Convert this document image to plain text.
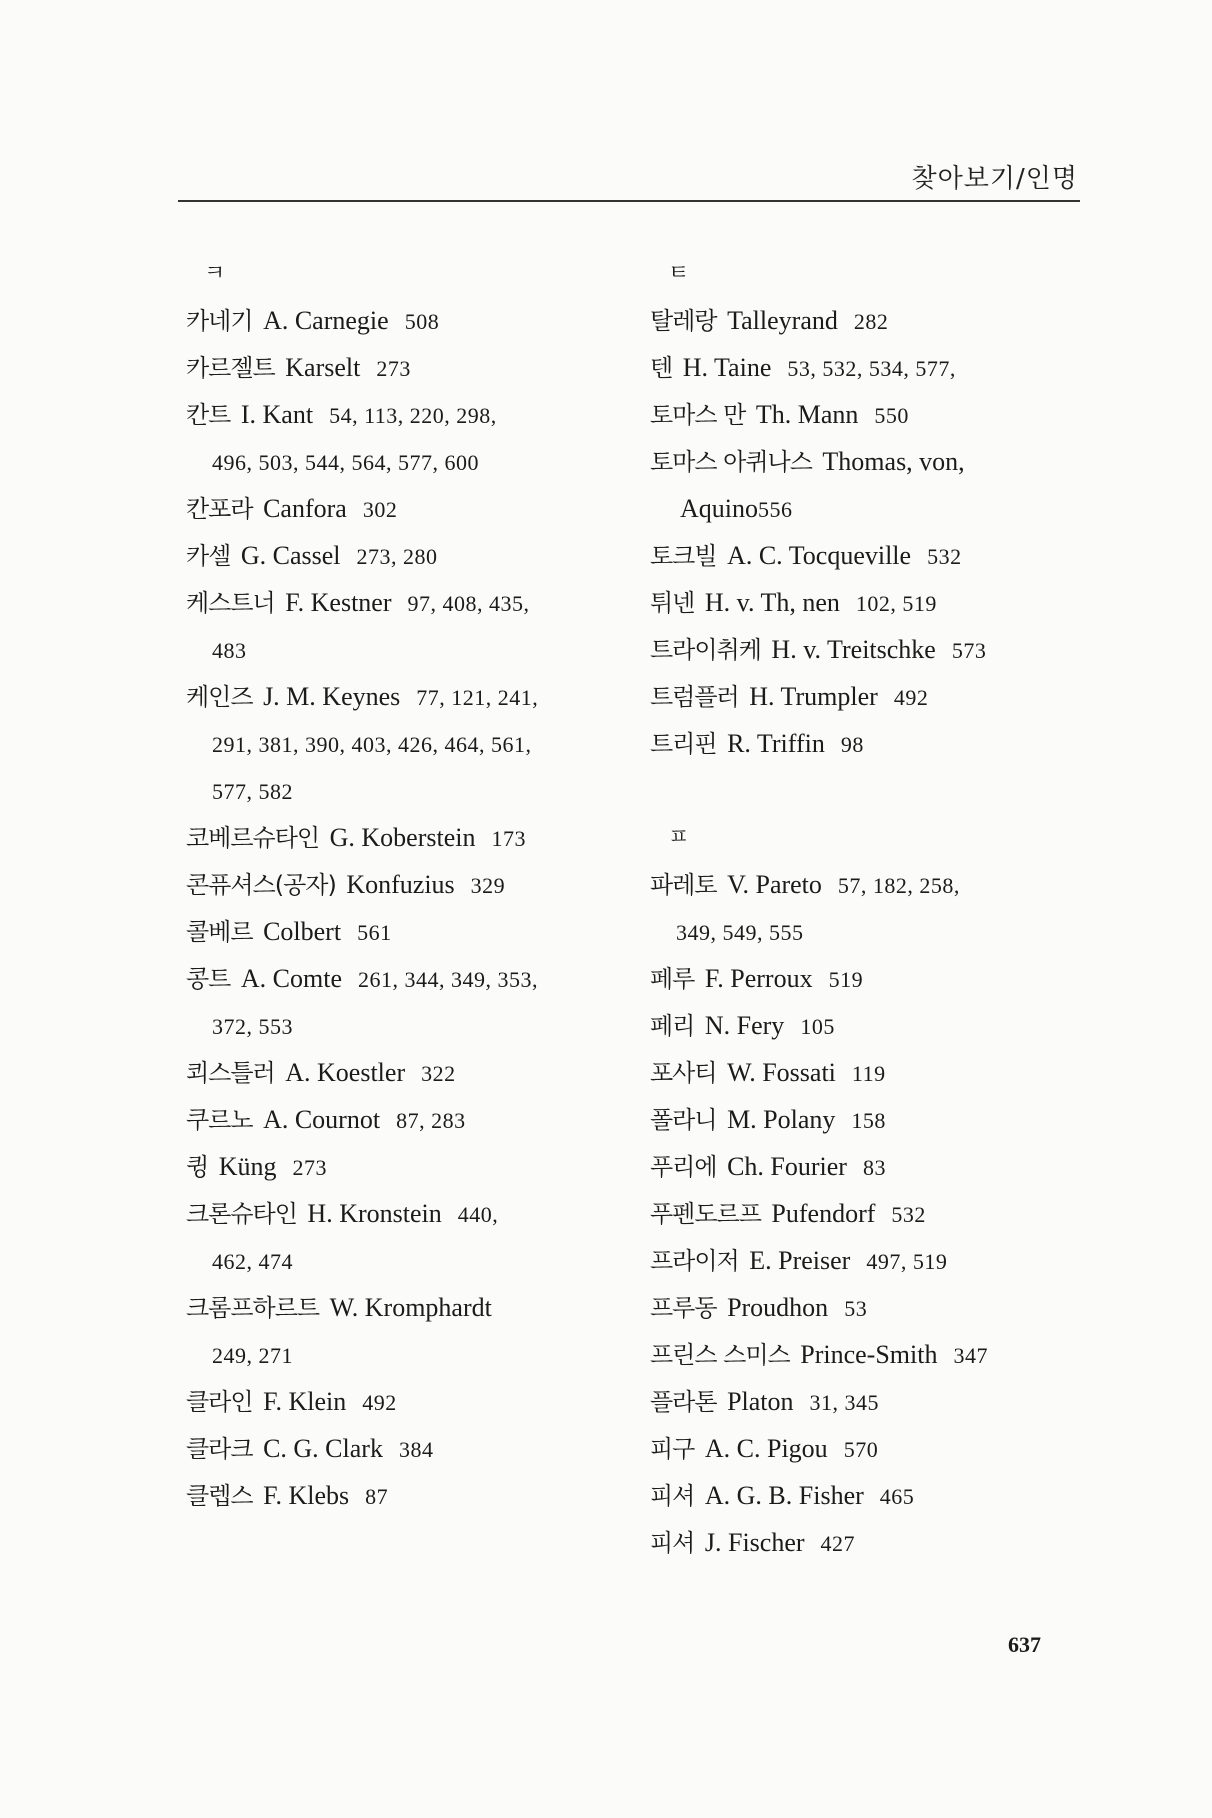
찾아보기/인명
ㅋ
카네기 A. Carnegie 508
카르젤트 Karselt 273
칸트 I. Kant 54, 113, 220, 298,
496, 503, 544, 564, 577, 600
칸포라 Canfora 302
카셀 G. Cassel 273, 280
케스트너 F. Kestner 97, 408, 435,
483
케인즈 J. M. Keynes 77, 121, 241,
291, 381, 390, 403, 426, 464, 561,
577, 582
코베르슈타인 G. Koberstein 173
콘퓨셔스(공자) Konfuzius 329
콜베르 Colbert 561
콩트 A. Comte 261, 344, 349, 353,
372, 553
쾨스틀러 A. Koestler 322
쿠르노 A. Cournot 87, 283
큉 Küng 273
크론슈타인 H. Kronstein 440,
462, 474
크롬프하르트 W. Kromphardt
249, 271
클라인 F. Klein 492
클라크 C. G. Clark 384
클렙스 F. Klebs 87
ㅌ
탈레랑 Talleyrand 282
텐 H. Taine 53, 532, 534, 577,
토마스 만 Th. Mann 550
토마스 아퀴나스 Thomas, von,
Aquino556
토크빌 A. C. Tocqueville 532
튀넨 H. v. Th, nen 102, 519
트라이취케 H. v. Treitschke 573
트럼플러 H. Trumpler 492
트리핀 R. Triffin 98
ㅍ
파레토 V. Pareto 57, 182, 258,
349, 549, 555
페루 F. Perroux 519
페리 N. Fery 105
포사티 W. Fossati 119
폴라니 M. Polany 158
푸리에 Ch. Fourier 83
푸펜도르프 Pufendorf 532
프라이저 E. Preiser 497, 519
프루동 Proudhon 53
프린스 스미스 Prince-Smith 347
플라톤 Platon 31, 345
피구 A. C. Pigou 570
피셔 A. G. B. Fisher 465
피셔 J. Fischer 427
637
